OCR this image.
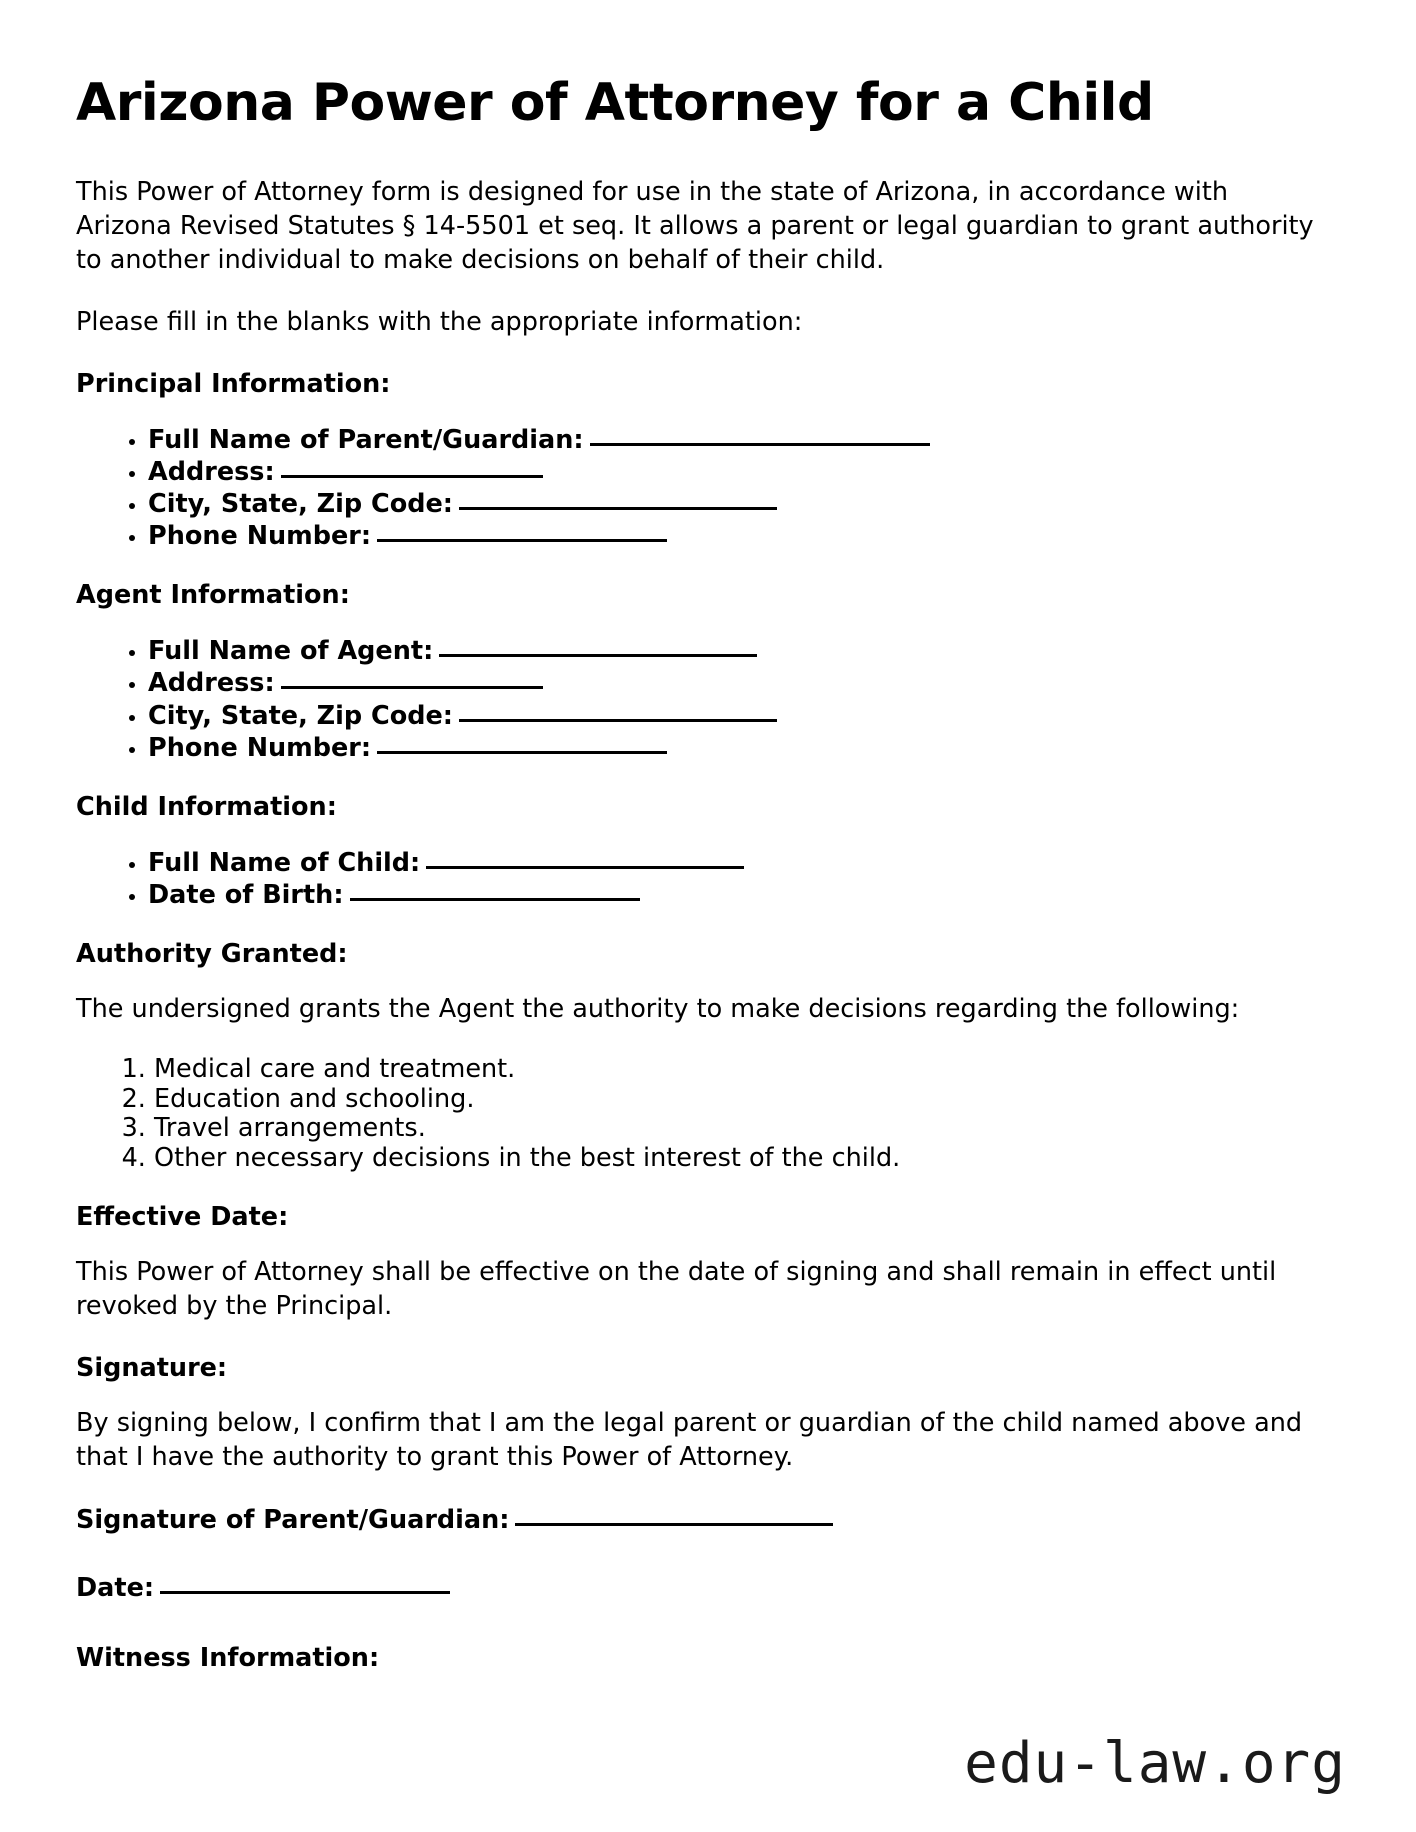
Arizona Power of Attorney for a Child

This Power of Attorney form is designed for use in the state of Arizona, in accordance with Arizona Revised Statutes § 14-5501 et seq. It allows a parent or legal guardian to grant authority to another individual to make decisions on behalf of their child.

Please fill in the blanks with the appropriate information:

Principal Information:
• Full Name of Parent/Guardian:
• Address:
• City, State, Zip Code:
• Phone Number:
Agent Information:
• Full Name of Agent:
• Address:
• City, State, Zip Code:
• Phone Number:
Child Information:
• Full Name of Child:
• Date of Birth:
Authority Granted:

The undersigned grants the Agent the authority to make decisions regarding the following:

1. Medical care and treatment.
2. Education and schooling.
3. Travel arrangements.
4. Other necessary decisions in the best interest of the child.
Effective Date:

This Power of Attorney shall be effective on the date of signing and shall remain in effect until revoked by the Principal.

Signature:

By signing below, I confirm that I am the legal parent or guardian of the child named above and that I have the authority to grant this Power of Attorney.

Signature of Parent/Guardian:
Date:
Witness Information:
edu-law.org
